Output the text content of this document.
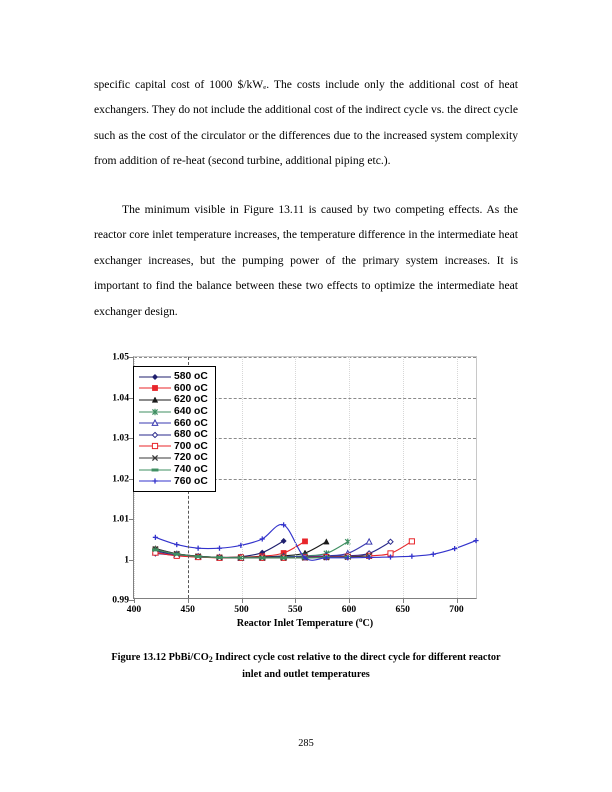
specific capital cost of 1000 $/kWₑ. The costs include only the additional cost of heat exchangers. They do not include the additional cost of the indirect cycle vs. the direct cycle such as the cost of the circulator or the differences due to the increased system complexity from addition of re-heat (second turbine, additional piping etc.).

The minimum visible in Figure 13.11 is caused by two competing effects. As the reactor core inlet temperature increases, the temperature difference in the intermediate heat exchanger increases, but the pumping power of the primary system increases. It is important to find the balance between these two effects to optimize the intermediate heat exchanger design.

Reactor Inlet Temperature ($^o$C)
0.99
1
1.01
1.02
1.03
1.04
1.05
400	450	500	550	600	650	700
580 oC
600 oC
620 oC
640 oC
660 oC
680 oC
700 oC
720 oC
740 oC
760 oC
Figure 13.12 PbBi/$CO_2$ Indirect cycle cost relative to the direct cycle for different reactor
inlet and outlet temperatures
285
